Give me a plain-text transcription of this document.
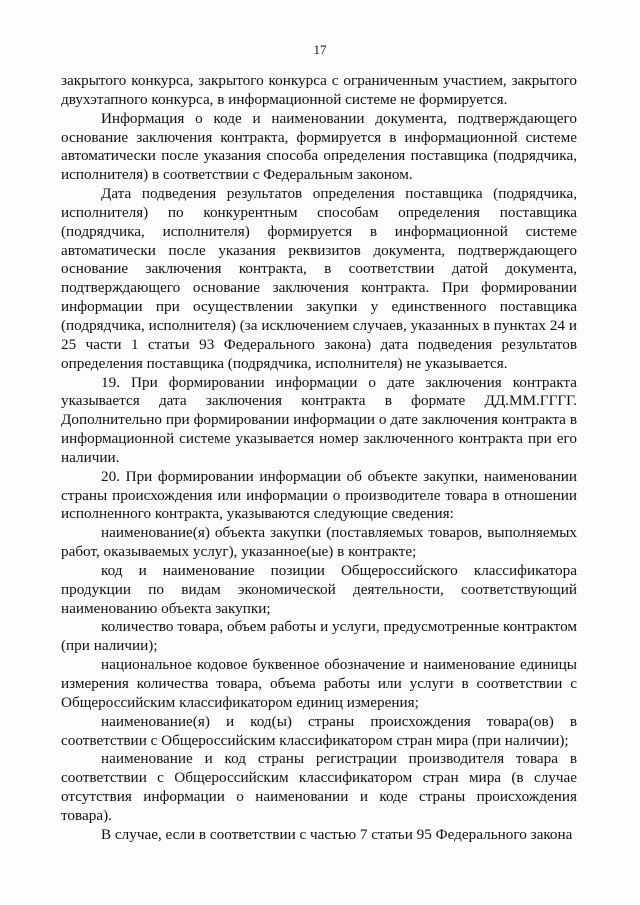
17

закрытого конкурса, закрытого конкурса с ограниченным участием, закрытого двухэтапного конкурса, в информационной системе не формируется.

Информация о коде и наименовании документа, подтверждающего основание заключения контракта, формируется в информационной системе автоматически после указания способа определения поставщика (подрядчика, исполнителя) в соответствии с Федеральным законом.

Дата подведения результатов определения поставщика (подрядчика, исполнителя) по конкурентным способам определения поставщика (подрядчика, исполнителя) формируется в информационной системе автоматически после указания реквизитов документа, подтверждающего основание заключения контракта, в соответствии датой документа, подтверждающего основание заключения контракта. При формировании информации при осуществлении закупки у единственного поставщика (подрядчика, исполнителя) (за исключением случаев, указанных в пунктах 24 и 25 части 1 статьи 93 Федерального закона) дата подведения результатов определения поставщика (подрядчика, исполнителя) не указывается.

19. При формировании информации о дате заключения контракта указывается дата заключения контракта в формате ДД.ММ.ГГГГ. Дополнительно при формировании информации о дате заключения контракта в информационной системе указывается номер заключенного контракта при его наличии.

20. При формировании информации об объекте закупки, наименовании страны происхождения или информации о производителе товара в отношении исполненного контракта, указываются следующие сведения:

наименование(я) объекта закупки (поставляемых товаров, выполняемых работ, оказываемых услуг), указанное(ые) в контракте;

код и наименование позиции Общероссийского классификатора продукции по видам экономической деятельности, соответствующий наименованию объекта закупки;

количество товара, объем работы и услуги, предусмотренные контрактом (при наличии);

национальное кодовое буквенное обозначение и наименование единицы измерения количества товара, объема работы или услуги в соответствии с Общероссийским классификатором единиц измерения;

наименование(я) и код(ы) страны происхождения товара(ов) в соответствии с Общероссийским классификатором стран мира (при наличии);

наименование и код страны регистрации производителя товара в соответствии с Общероссийским классификатором стран мира (в случае отсутствия информации о наименовании и коде страны происхождения товара).

В случае, если в соответствии с частью 7 статьи 95 Федерального закона
